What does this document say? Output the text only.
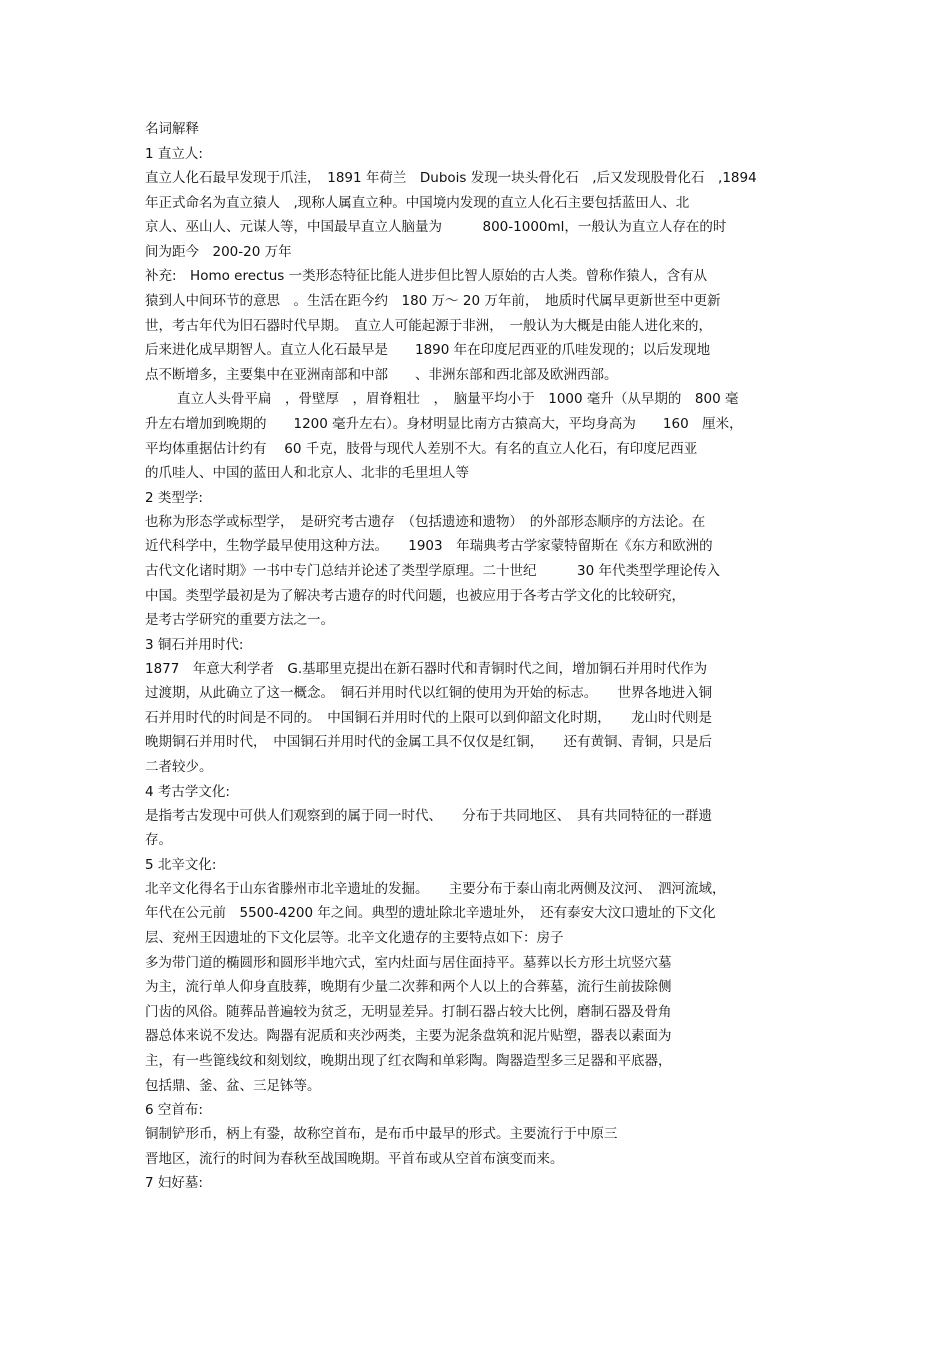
名词解释
1 直立人:
直立人化石最早发现于爪洼，　1891 年荷兰　Dubois 发现一块头骨化石　,后又发现股骨化石　,1894
年正式命名为直立猿人　,现称人属直立种。中国境内发现的直立人化石主要包括蓝田人、北
京人、巫山人、元谋人等，中国最早直立人脑量为　　　800-1000ml，一般认为直立人存在的时
间为距今　200-20 万年
补充:　Homo erectus 一类形态特征比能人进步但比智人原始的古人类。曾称作猿人，含有从
猿到人中间环节的意思　。生活在距今约　180 万～ 20 万年前，　地质时代属早更新世至中更新
世，考古年代为旧石器时代早期。　直立人可能起源于非洲，　一般认为大概是由能人进化来的，
后来进化成早期智人。直立人化石最早是　　1890 年在印度尼西亚的爪哇发现的；以后发现地
点不断增多，主要集中在亚洲南部和中部　　、非洲东部和西北部及欧洲西部。
直立人头骨平扁　，骨壁厚　，眉脊粗壮　，　脑量平均小于　1000 毫升（从早期的　800 毫
升左右增加到晚期的　　1200 毫升左右）。身材明显比南方古猿高大，平均身高为　　160　厘米，
平均体重据估计约有　 60 千克，肢骨与现代人差别不大。有名的直立人化石，有印度尼西亚
的爪哇人、中国的蓝田人和北京人、北非的毛里坦人等
2 类型学:
也称为形态学或标型学，　是研究考古遗存　（包括遗迹和遗物）　的外部形态顺序的方法论。在
近代科学中，生物学最早使用这种方法。　　1903　年瑞典考古学家蒙特留斯在《东方和欧洲的
古代文化诸时期》一书中专门总结并论述了类型学原理。二十世纪　　　30 年代类型学理论传入
中国。类型学最初是为了解决考古遗存的时代问题，也被应用于各考古学文化的比较研究，
是考古学研究的重要方法之一。
3 铜石并用时代:
1877　年意大利学者　G.基耶里克提出在新石器时代和青铜时代之间，增加铜石并用时代作为
过渡期，从此确立了这一概念。　铜石并用时代以红铜的使用为开始的标志。　　世界各地进入铜
石并用时代的时间是不同的。　中国铜石并用时代的上限可以到仰韶文化时期，　　龙山时代则是
晚期铜石并用时代，　中国铜石并用时代的金属工具不仅仅是红铜，　　还有黄铜、青铜，只是后
二者较少。
4 考古学文化:
是指考古发现中可供人们观察到的属于同一时代、　　分布于共同地区、　具有共同特征的一群遗
存。
5 北辛文化:
北辛文化得名于山东省滕州市北辛遗址的发掘。　　主要分布于泰山南北两侧及汶河、　泗河流域，
年代在公元前　5500-4200 年之间。典型的遗址除北辛遗址外，　还有泰安大汶口遗址的下文化
层、兖州王因遗址的下文化层等。北辛文化遗存的主要特点如下：房子
多为带门道的椭圆形和圆形半地穴式，室内灶面与居住面持平。墓葬以长方形土坑竖穴墓
为主，流行单人仰身直肢葬，晚期有少量二次葬和两个人以上的合葬墓，流行生前拔除侧
门齿的风俗。随葬品普遍较为贫乏，无明显差异。打制石器占较大比例，磨制石器及骨角
器总体来说不发达。陶器有泥质和夹沙两类，主要为泥条盘筑和泥片贴塑，器表以素面为
主，有一些篦线纹和刻划纹，晚期出现了红衣陶和单彩陶。陶器造型多三足器和平底器，
包括鼎、釜、盆、三足钵等。
6 空首布:
铜制铲形币，柄上有銎，故称空首布，是布币中最早的形式。主要流行于中原三
晋地区，流行的时间为春秋至战国晚期。平首布或从空首布演变而来。
7 妇好墓:
